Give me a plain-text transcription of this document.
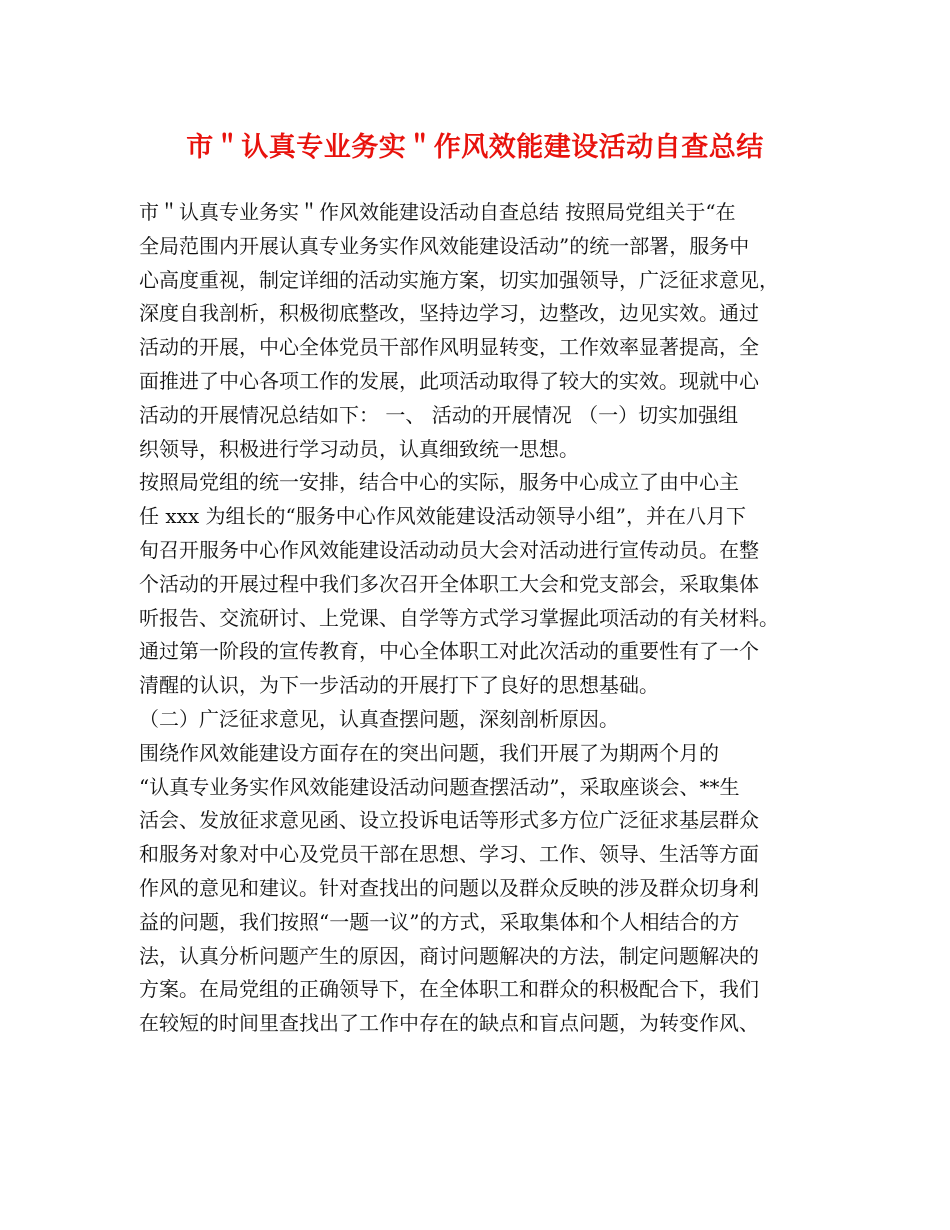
市＂认真专业务实＂作风效能建设活动自查总结
市＂认真专业务实＂作风效能建设活动自查总结 按照局党组关于“在
全局范围内开展认真专业务实作风效能建设活动”的统一部署，服务中
心高度重视，制定详细的活动实施方案，切实加强领导，广泛征求意见，
深度自我剖析，积极彻底整改，坚持边学习，边整改，边见实效。通过
活动的开展，中心全体党员干部作风明显转变，工作效率显著提高，全
面推进了中心各项工作的发展，此项活动取得了较大的实效。现就中心
活动的开展情况总结如下： 一、 活动的开展情况 （一）切实加强组
织领导，积极进行学习动员，认真细致统一思想。
按照局党组的统一安排，结合中心的实际，服务中心成立了由中心主
任 xxx 为组长的“服务中心作风效能建设活动领导小组”，并在八月下
旬召开服务中心作风效能建设活动动员大会对活动进行宣传动员。在整
个活动的开展过程中我们多次召开全体职工大会和党支部会，采取集体
听报告、交流研讨、上党课、自学等方式学习掌握此项活动的有关材料。
通过第一阶段的宣传教育，中心全体职工对此次活动的重要性有了一个
清醒的认识，为下一步活动的开展打下了良好的思想基础。
（二）广泛征求意见，认真查摆问题，深刻剖析原因。
围绕作风效能建设方面存在的突出问题，我们开展了为期两个月的
“认真专业务实作风效能建设活动问题查摆活动”，采取座谈会、**生
活会、发放征求意见函、设立投诉电话等形式多方位广泛征求基层群众
和服务对象对中心及党员干部在思想、学习、工作、领导、生活等方面
作风的意见和建议。针对查找出的问题以及群众反映的涉及群众切身利
益的问题，我们按照“一题一议”的方式，采取集体和个人相结合的方
法，认真分析问题产生的原因，商讨问题解决的方法，制定问题解决的
方案。在局党组的正确领导下，在全体职工和群众的积极配合下，我们
在较短的时间里查找出了工作中存在的缺点和盲点问题，为转变作风、
